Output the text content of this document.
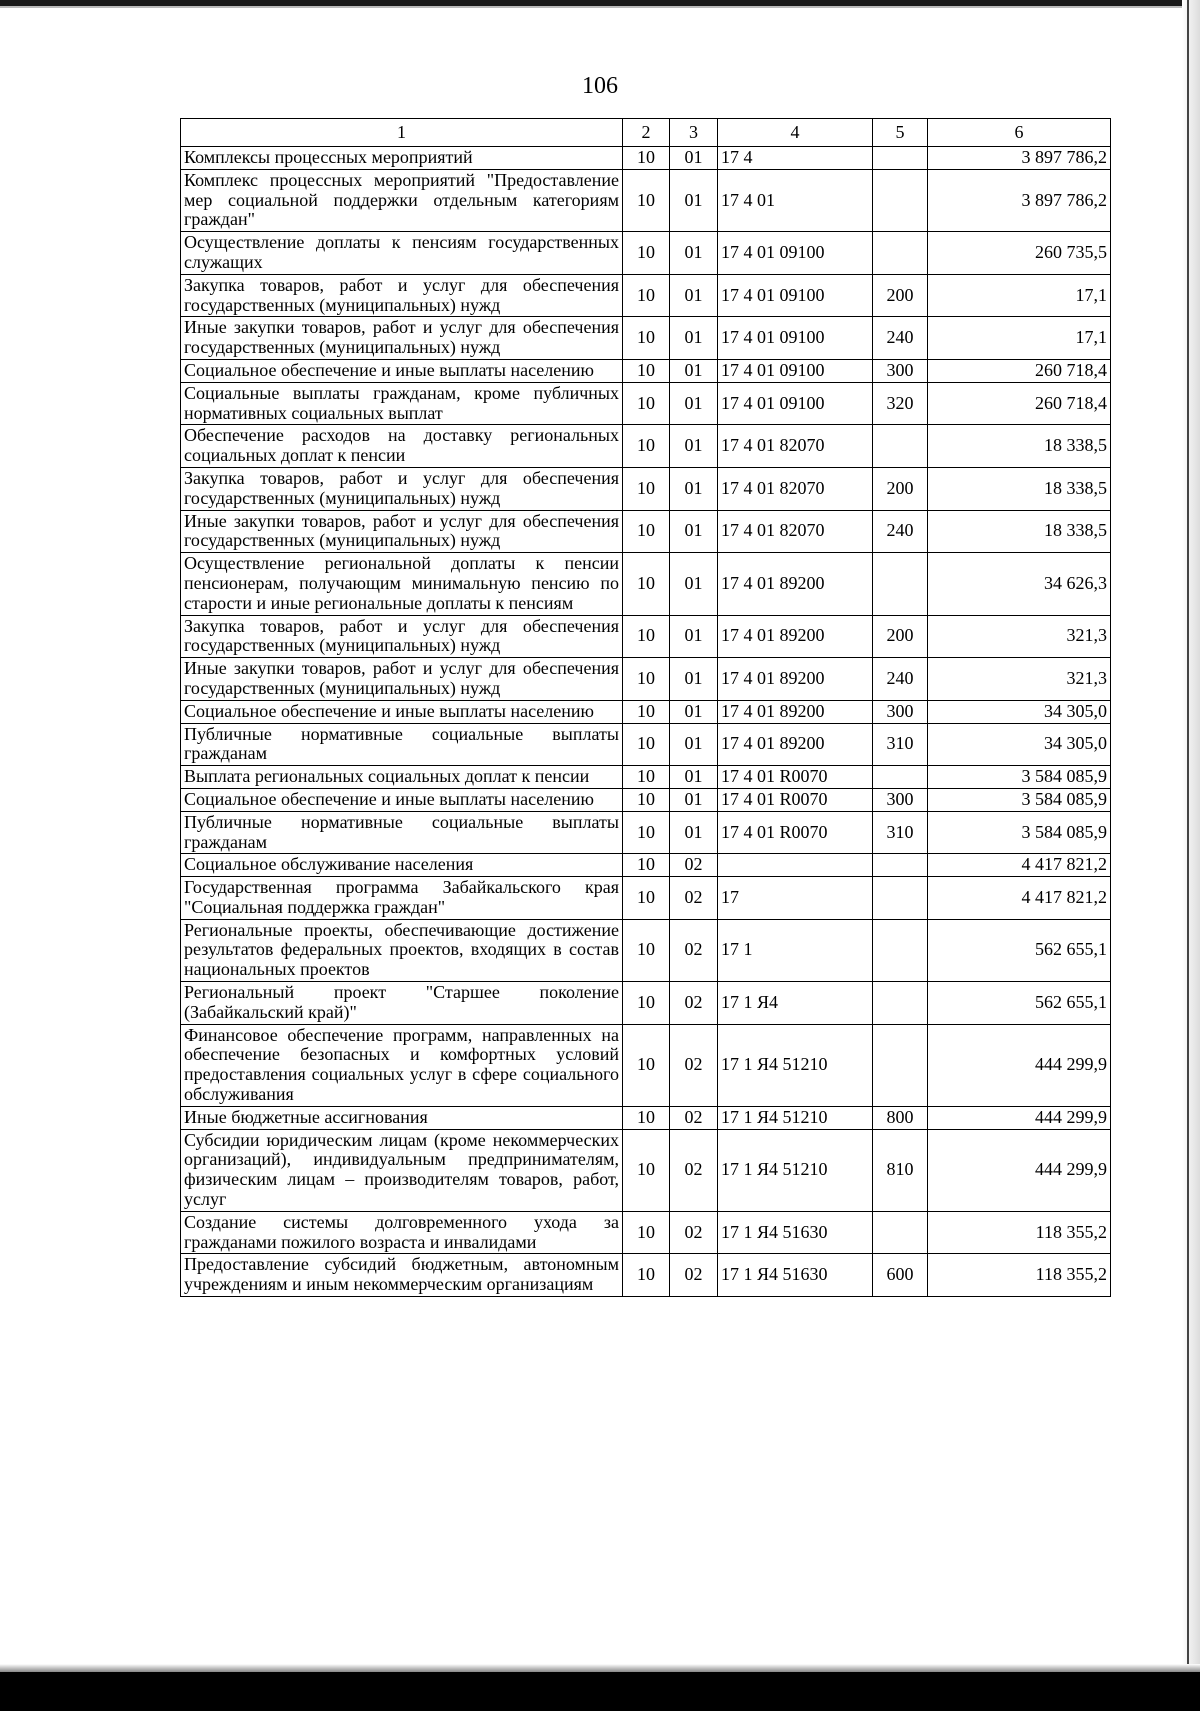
106
1	2	3	4	5	6
Комплексы процессных мероприятий	10	01	17 4		3 897 786,2
Комплекс процессных мероприятий "Предоставление мер социальной поддержки отдельным категориям граждан"	10	01	17 4 01		3 897 786,2
Осуществление доплаты к пенсиям государственных служащих	10	01	17 4 01 09100		260 735,5
Закупка товаров, работ и услуг для обеспечения государственных (муниципальных) нужд	10	01	17 4 01 09100	200	17,1
Иные закупки товаров, работ и услуг для обеспечения государственных (муниципальных) нужд	10	01	17 4 01 09100	240	17,1
Социальное обеспечение и иные выплаты населению	10	01	17 4 01 09100	300	260 718,4
Социальные выплаты гражданам, кроме публичных нормативных социальных выплат	10	01	17 4 01 09100	320	260 718,4
Обеспечение расходов на доставку региональных социальных доплат к пенсии	10	01	17 4 01 82070		18 338,5
Закупка товаров, работ и услуг для обеспечения государственных (муниципальных) нужд	10	01	17 4 01 82070	200	18 338,5
Иные закупки товаров, работ и услуг для обеспечения государственных (муниципальных) нужд	10	01	17 4 01 82070	240	18 338,5
Осуществление региональной доплаты к пенсии пенсионерам, получающим минимальную пенсию по старости и иные региональные доплаты к пенсиям	10	01	17 4 01 89200		34 626,3
Закупка товаров, работ и услуг для обеспечения государственных (муниципальных) нужд	10	01	17 4 01 89200	200	321,3
Иные закупки товаров, работ и услуг для обеспечения государственных (муниципальных) нужд	10	01	17 4 01 89200	240	321,3
Социальное обеспечение и иные выплаты населению	10	01	17 4 01 89200	300	34 305,0
Публичные нормативные социальные выплаты гражданам	10	01	17 4 01 89200	310	34 305,0
Выплата региональных социальных доплат к пенсии	10	01	17 4 01 R0070		3 584 085,9
Социальное обеспечение и иные выплаты населению	10	01	17 4 01 R0070	300	3 584 085,9
Публичные нормативные социальные выплаты гражданам	10	01	17 4 01 R0070	310	3 584 085,9
Социальное обслуживание населения	10	02			4 417 821,2
Государственная программа Забайкальского края "Социальная поддержка граждан"	10	02	17		4 417 821,2
Региональные проекты, обеспечивающие достижение результатов федеральных проектов, входящих в состав национальных проектов	10	02	17 1		562 655,1
Региональный проект "Старшее поколение (Забайкальский край)"	10	02	17 1 Я4		562 655,1
Финансовое обеспечение программ, направленных на обеспечение безопасных и комфортных условий предоставления социальных услуг в сфере социального обслуживания	10	02	17 1 Я4 51210		444 299,9
Иные бюджетные ассигнования	10	02	17 1 Я4 51210	800	444 299,9
Субсидии юридическим лицам (кроме некоммерческих организаций), индивидуальным предпринимателям, физическим лицам – производителям товаров, работ, услуг	10	02	17 1 Я4 51210	810	444 299,9
Создание системы долговременного ухода за гражданами пожилого возраста и инвалидами	10	02	17 1 Я4 51630		118 355,2
Предоставление субсидий бюджетным, автономным учреждениям и иным некоммерческим организациям	10	02	17 1 Я4 51630	600	118 355,2
